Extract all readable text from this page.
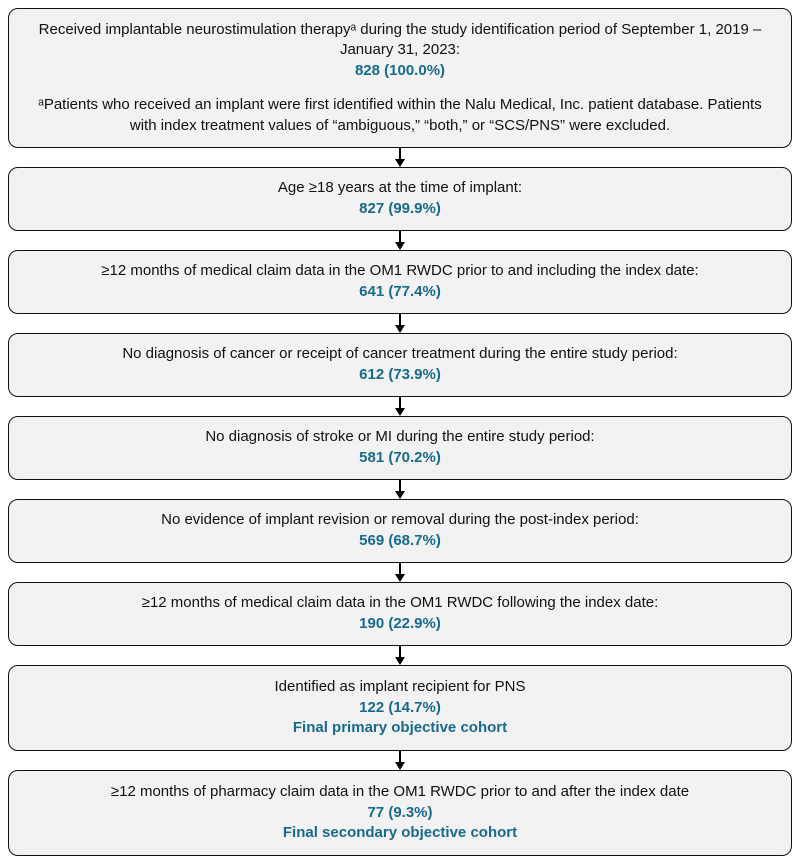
Received implantable neurostimulation therapyᵃ during the study identification period of September 1, 2019 – January 31, 2023:
828 (100.0%)
ᵃPatients who received an implant were first identified within the Nalu Medical, Inc. patient database. Patients with index treatment values of “ambiguous,” “both,” or “SCS/PNS” were excluded.
Age ≥18 years at the time of implant:
827 (99.9%)
≥12 months of medical claim data in the OM1 RWDC prior to and including the index date:
641 (77.4%)
No diagnosis of cancer or receipt of cancer treatment during the entire study period:
612 (73.9%)
No diagnosis of stroke or MI during the entire study period:
581 (70.2%)
No evidence of implant revision or removal during the post-index period:
569 (68.7%)
≥12 months of medical claim data in the OM1 RWDC following the index date:
190 (22.9%)
Identified as implant recipient for PNS
122 (14.7%)
Final primary objective cohort
≥12 months of pharmacy claim data in the OM1 RWDC prior to and after the index date
77 (9.3%)
Final secondary objective cohort
